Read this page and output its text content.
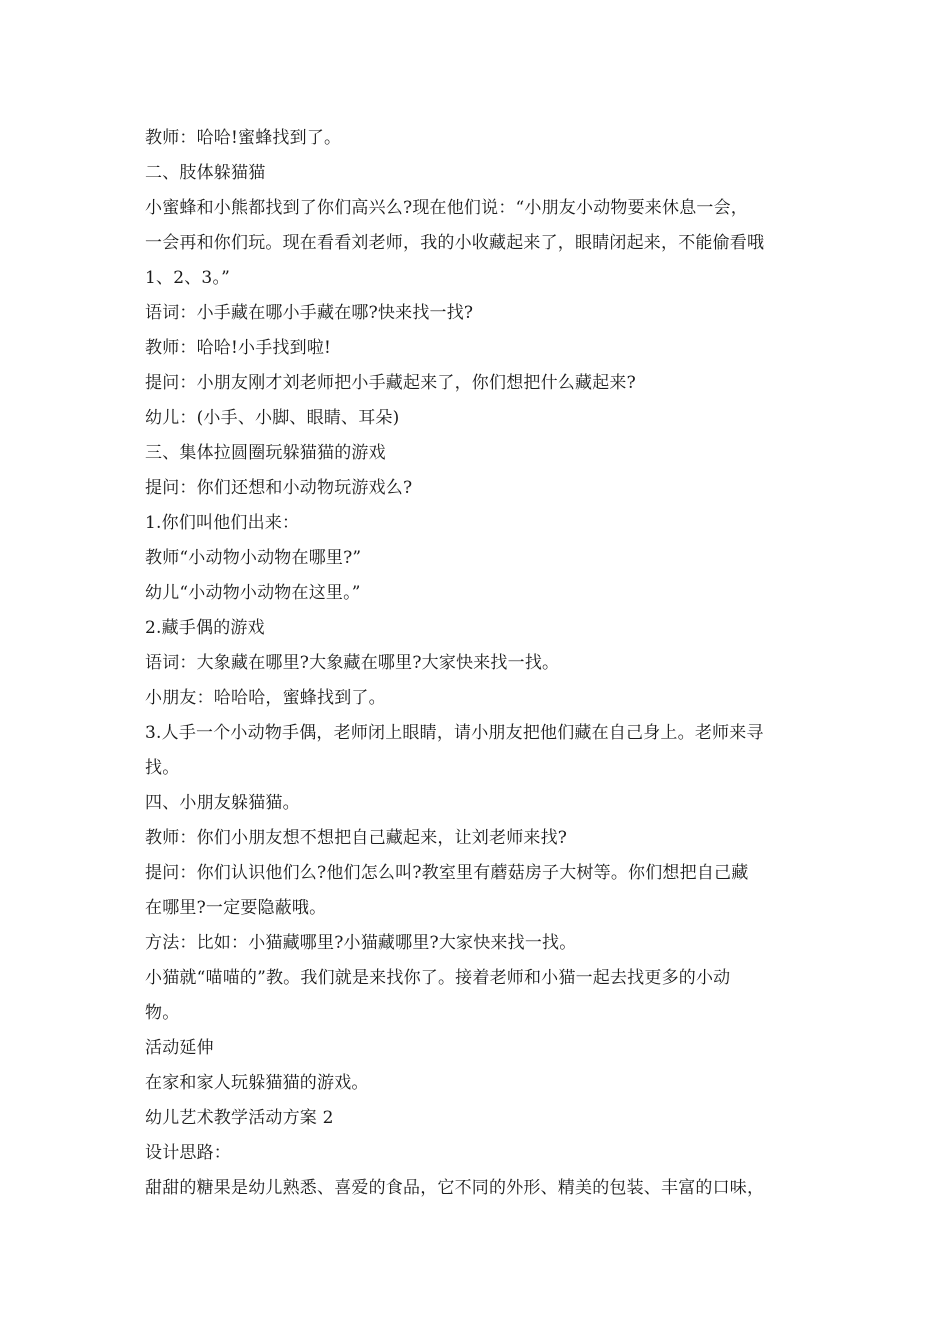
教师：哈哈!蜜蜂找到了。
二、肢体躲猫猫
小蜜蜂和小熊都找到了你们高兴么?现在他们说：“小朋友小动物要来休息一会，
一会再和你们玩。现在看看刘老师，我的小收藏起来了，眼睛闭起来，不能偷看哦
1、2、3。”
语词：小手藏在哪小手藏在哪?快来找一找?
教师：哈哈!小手找到啦!
提问：小朋友刚才刘老师把小手藏起来了，你们想把什么藏起来?
幼儿：(小手、小脚、眼睛、耳朵)
三、集体拉圆圈玩躲猫猫的游戏
提问：你们还想和小动物玩游戏么?
1.你们叫他们出来：
教师“小动物小动物在哪里?”
幼儿“小动物小动物在这里。”
2.藏手偶的游戏
语词：大象藏在哪里?大象藏在哪里?大家快来找一找。
小朋友：哈哈哈，蜜蜂找到了。
3.人手一个小动物手偶，老师闭上眼睛，请小朋友把他们藏在自己身上。老师来寻
找。
四、小朋友躲猫猫。
教师：你们小朋友想不想把自己藏起来，让刘老师来找?
提问：你们认识他们么?他们怎么叫?教室里有蘑菇房子大树等。你们想把自己藏
在哪里?一定要隐蔽哦。
方法：比如：小猫藏哪里?小猫藏哪里?大家快来找一找。
小猫就“喵喵的”教。我们就是来找你了。接着老师和小猫一起去找更多的小动
物。
活动延伸
在家和家人玩躲猫猫的游戏。
幼儿艺术教学活动方案 2
设计思路：
甜甜的糖果是幼儿熟悉、喜爱的食品，它不同的外形、精美的包装、丰富的口味，
